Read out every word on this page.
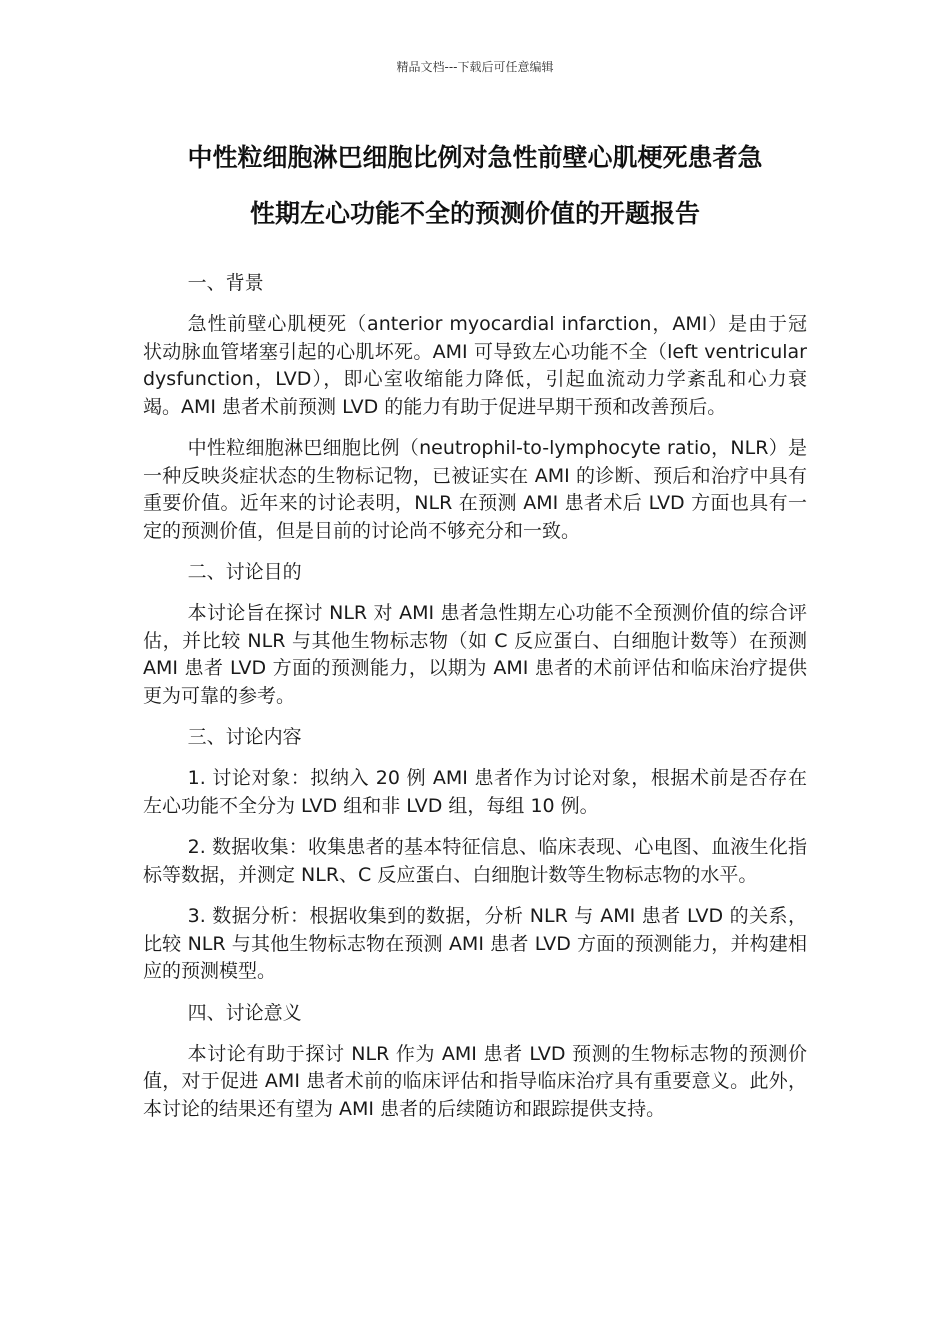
精品文档---下载后可任意编辑
中性粒细胞淋巴细胞比例对急性前壁心肌梗死患者急
性期左心功能不全的预测价值的开题报告

一、背景

急性前壁心肌梗死（anterior myocardial infarction，AMI）是由于冠状动脉血管堵塞引起的心肌坏死。AMI 可导致左心功能不全（left ventricular dysfunction，LVD），即心室收缩能力降低，引起血流动力学紊乱和心力衰竭。AMI 患者术前预测 LVD 的能力有助于促进早期干预和改善预后。

中性粒细胞淋巴细胞比例（neutrophil-to-lymphocyte ratio，NLR）是一种反映炎症状态的生物标记物，已被证实在 AMI 的诊断、预后和治疗中具有重要价值。近年来的讨论表明，NLR 在预测 AMI 患者术后 LVD 方面也具有一定的预测价值，但是目前的讨论尚不够充分和一致。

二、讨论目的

本讨论旨在探讨 NLR 对 AMI 患者急性期左心功能不全预测价值的综合评估，并比较 NLR 与其他生物标志物（如 C 反应蛋白、白细胞计数等）在预测 AMI 患者 LVD 方面的预测能力，以期为 AMI 患者的术前评估和临床治疗提供更为可靠的参考。

三、讨论内容

1. 讨论对象：拟纳入 20 例 AMI 患者作为讨论对象，根据术前是否存在左心功能不全分为 LVD 组和非 LVD 组，每组 10 例。

2. 数据收集：收集患者的基本特征信息、临床表现、心电图、血液生化指标等数据，并测定 NLR、C 反应蛋白、白细胞计数等生物标志物的水平。

3. 数据分析：根据收集到的数据，分析 NLR 与 AMI 患者 LVD 的关系，比较 NLR 与其他生物标志物在预测 AMI 患者 LVD 方面的预测能力，并构建相应的预测模型。

四、讨论意义

本讨论有助于探讨 NLR 作为 AMI 患者 LVD 预测的生物标志物的预测价值，对于促进 AMI 患者术前的临床评估和指导临床治疗具有重要意义。此外，本讨论的结果还有望为 AMI 患者的后续随访和跟踪提供支持。
